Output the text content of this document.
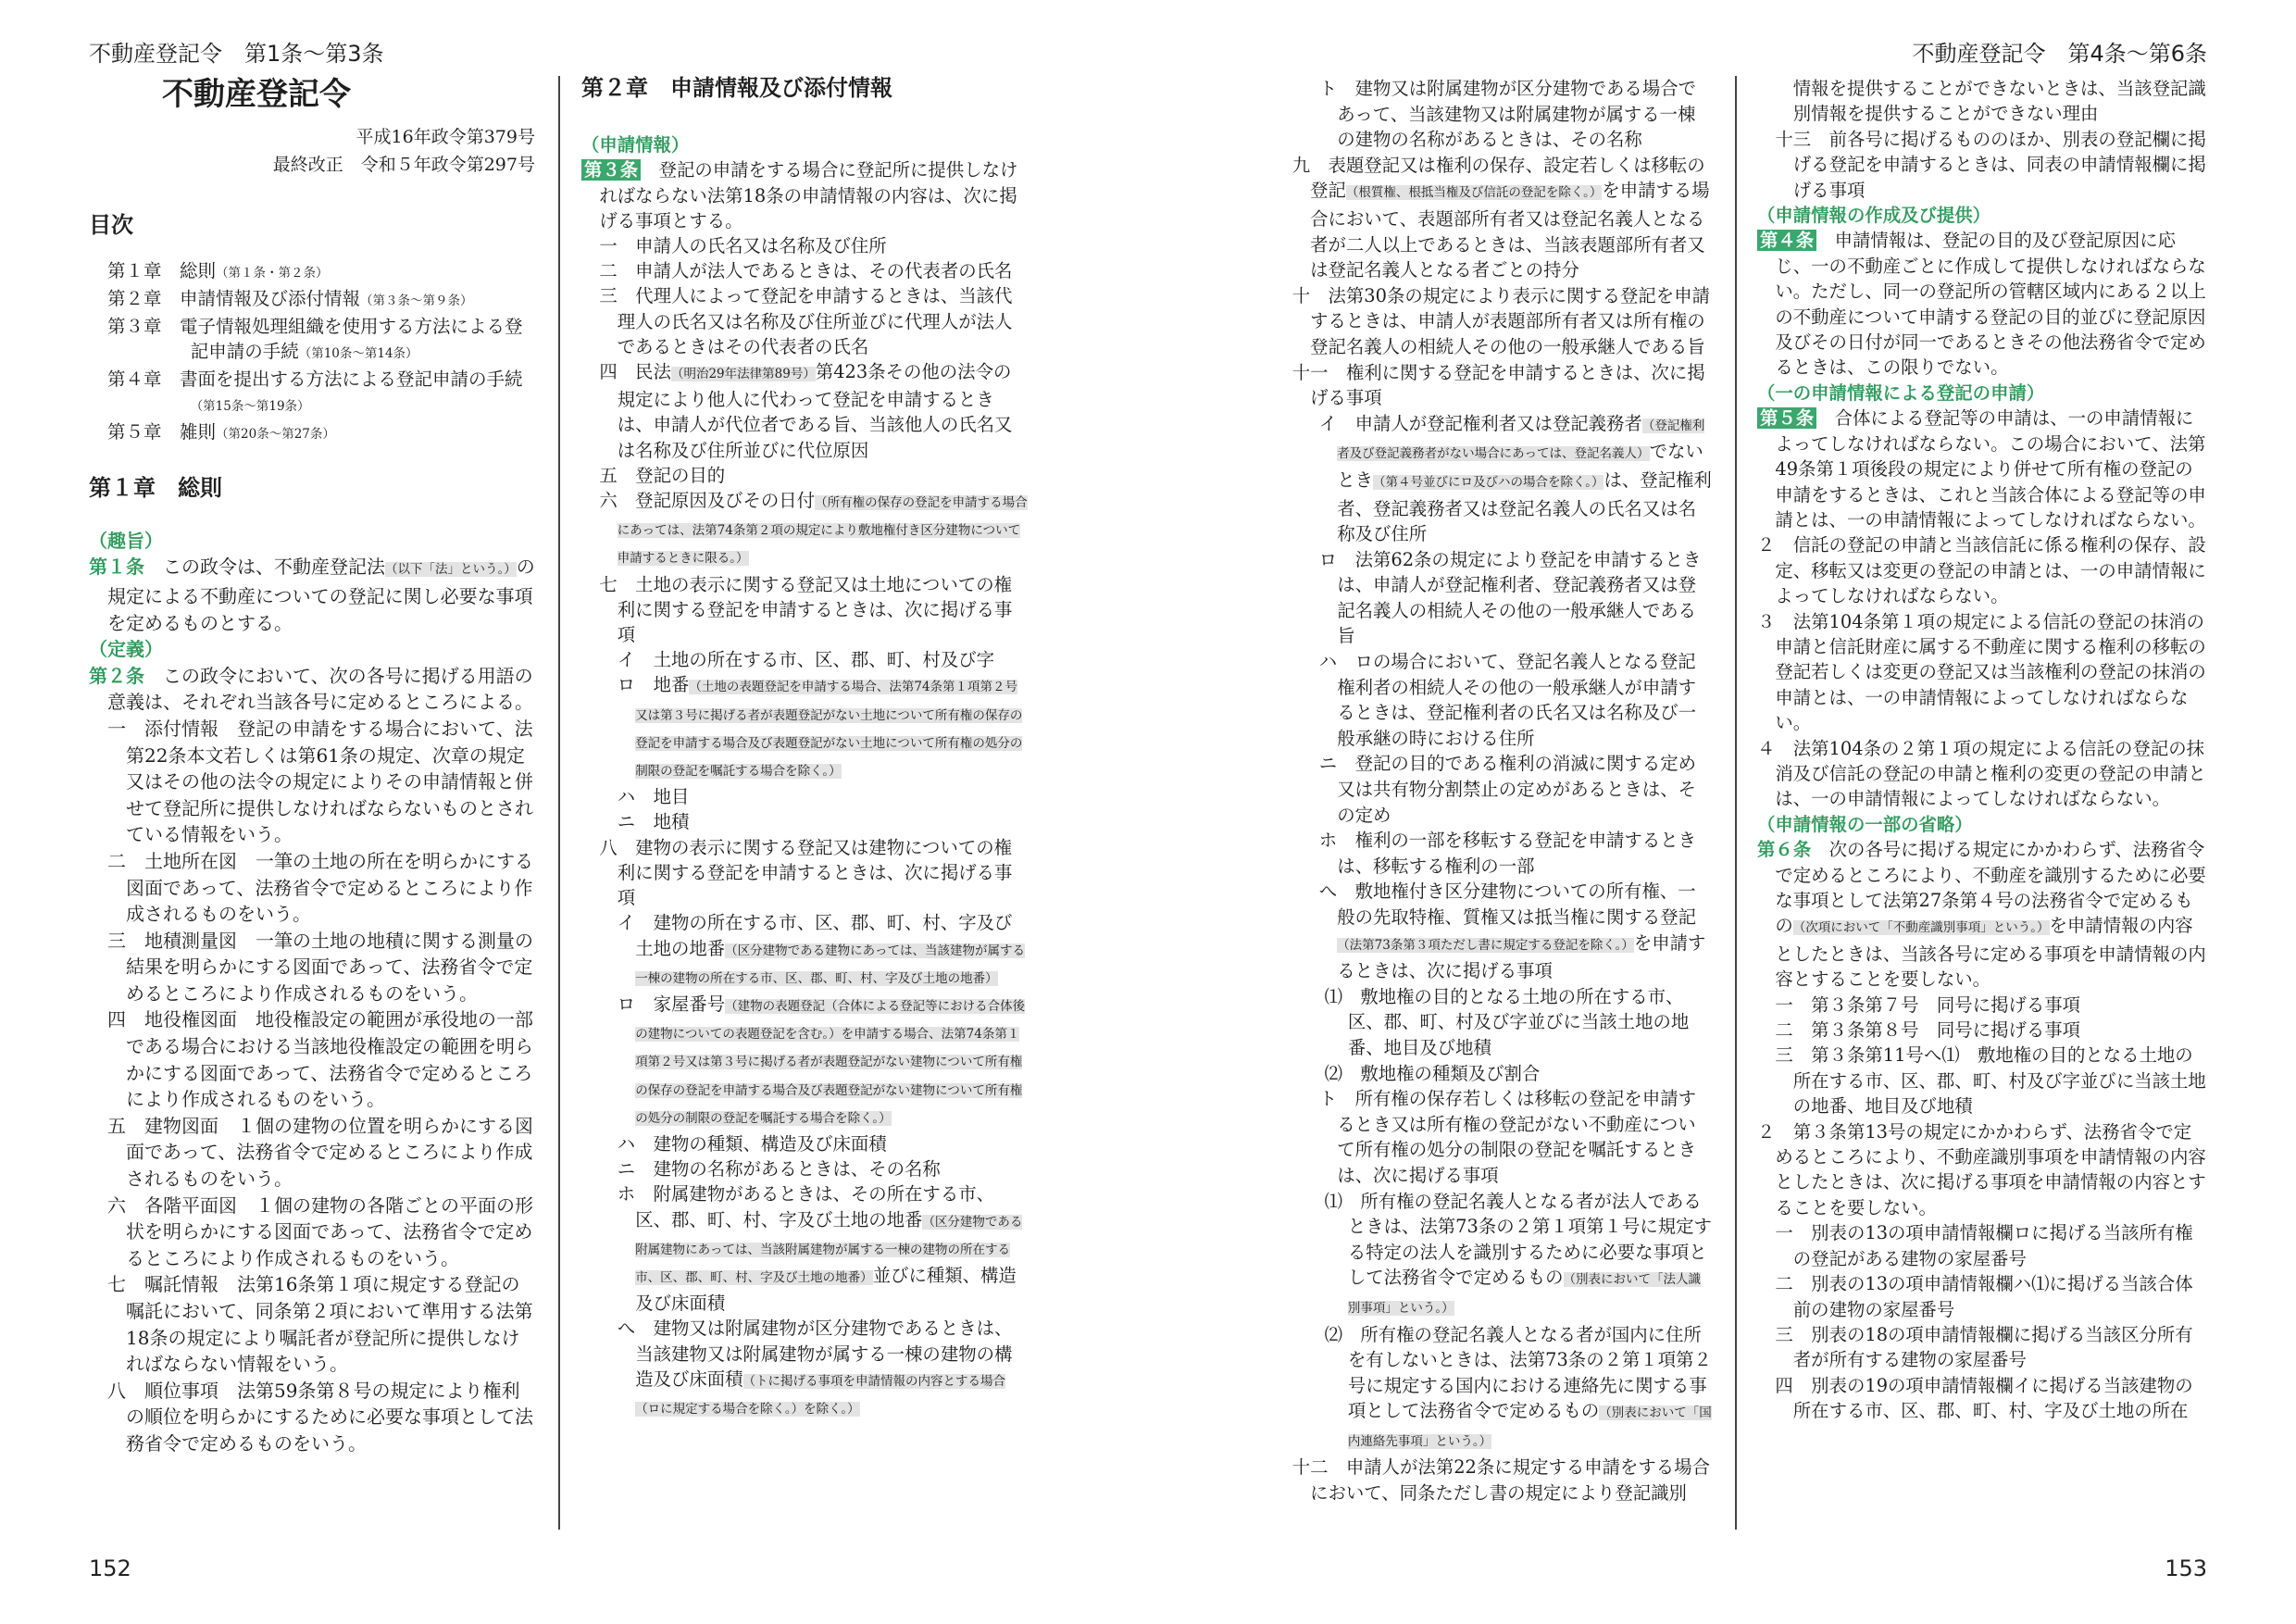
不動産登記令　第1条〜第3条	不動産登記令　第4条〜第6条
不動産登記令
平成16年政令第379号
最終改正　令和５年政令第297号
目次
第１章　総則（第１条・第２条）
第２章　申請情報及び添付情報（第３条〜第９条）
第３章　電子情報処理組織を使用する方法による登記申請の手続（第10条〜第14条）
第４章　書面を提出する方法による登記申請の手続（第15条〜第19条）
第５章　雑則（第20条〜第27条）
第１章　総則
（趣旨）

第１条　 この政令は、不動産登記法（以下「法」という。）の規定による不動産についての登記に関し必要な事項を定めるものとする。

（定義）

第２条　 この政令において、次の各号に掲げる用語の意義は、それぞれ当該各号に定めるところによる。

一　添付情報　登記の申請をする場合において、法第22条本文若しくは第61条の規定、次章の規定又はその他の法令の規定によりその申請情報と併せて登記所に提供しなければならないものとされている情報をいう。

二　土地所在図　一筆の土地の所在を明らかにする図面であって、法務省令で定めるところにより作成されるものをいう。

三　地積測量図　一筆の土地の地積に関する測量の結果を明らかにする図面であって、法務省令で定めるところにより作成されるものをいう。

四　地役権図面　地役権設定の範囲が承役地の一部である場合における当該地役権設定の範囲を明らかにする図面であって、法務省令で定めるところにより作成されるものをいう。

五　建物図面　１個の建物の位置を明らかにする図面であって、法務省令で定めるところにより作成されるものをいう。

六　各階平面図　１個の建物の各階ごとの平面の形状を明らかにする図面であって、法務省令で定めるところにより作成されるものをいう。

七　嘱託情報　法第16条第１項に規定する登記の嘱託において、同条第２項において準用する法第18条の規定により嘱託者が登記所に提供しなければならない情報をいう。

八　順位事項　法第59条第８号の規定により権利の順位を明らかにするために必要な事項として法務省令で定めるものをいう。

第２章　申請情報及び添付情報
（申請情報）

第３条　 登記の申請をする場合に登記所に提供しなければならない法第18条の申請情報の内容は、次に掲げる事項とする。

一　申請人の氏名又は名称及び住所

二　申請人が法人であるときは、その代表者の氏名

三　代理人によって登記を申請するときは、当該代理人の氏名又は名称及び住所並びに代理人が法人であるときはその代表者の氏名

四　民法（明治29年法律第89号）第423条その他の法令の規定により他人に代わって登記を申請するときは、申請人が代位者である旨、当該他人の氏名又は名称及び住所並びに代位原因

五　登記の目的

六　登記原因及びその日付（所有権の保存の登記を申請する場合にあっては、法第74条第２項の規定により敷地権付き区分建物について申請するときに限る。）

七　土地の表示に関する登記又は土地についての権利に関する登記を申請するときは、次に掲げる事項

イ　土地の所在する市、区、郡、町、村及び字

ロ　地番（土地の表題登記を申請する場合、法第74条第１項第２号又は第３号に掲げる者が表題登記がない土地について所有権の保存の登記を申請する場合及び表題登記がない土地について所有権の処分の制限の登記を嘱託する場合を除く。）

ハ　地目

ニ　地積

八　建物の表示に関する登記又は建物についての権利に関する登記を申請するときは、次に掲げる事項

イ　建物の所在する市、区、郡、町、村、字及び土地の地番（区分建物である建物にあっては、当該建物が属する一棟の建物の所在する市、区、郡、町、村、字及び土地の地番）

ロ　家屋番号（建物の表題登記（合体による登記等における合体後の建物についての表題登記を含む。）を申請する場合、法第74条第１項第２号又は第３号に掲げる者が表題登記がない建物について所有権の保存の登記を申請する場合及び表題登記がない建物について所有権の処分の制限の登記を嘱託する場合を除く。）

ハ　建物の種類、構造及び床面積

ニ　建物の名称があるときは、その名称

ホ　附属建物があるときは、その所在する市、区、郡、町、村、字及び土地の地番（区分建物である附属建物にあっては、当該附属建物が属する一棟の建物の所在する市、区、郡、町、村、字及び土地の地番）並びに種類、構造及び床面積

へ　建物又は附属建物が区分建物であるときは、当該建物又は附属建物が属する一棟の建物の構造及び床面積（トに掲げる事項を申請情報の内容とする場合（ロに規定する場合を除く。）を除く。）

ト　建物又は附属建物が区分建物である場合であって、当該建物又は附属建物が属する一棟の建物の名称があるときは、その名称

九　表題登記又は権利の保存、設定若しくは移転の登記（根質権、根抵当権及び信託の登記を除く。）を申請する場合において、表題部所有者又は登記名義人となる者が二人以上であるときは、当該表題部所有者又は登記名義人となる者ごとの持分

十　法第30条の規定により表示に関する登記を申請するときは、申請人が表題部所有者又は所有権の登記名義人の相続人その他の一般承継人である旨

十一　権利に関する登記を申請するときは、次に掲げる事項

イ　申請人が登記権利者又は登記義務者（登記権利者及び登記義務者がない場合にあっては、登記名義人）でないとき（第４号並びにロ及びハの場合を除く。）は、登記権利者、登記義務者又は登記名義人の氏名又は名称及び住所

ロ　法第62条の規定により登記を申請するときは、申請人が登記権利者、登記義務者又は登記名義人の相続人その他の一般承継人である旨

ハ　ロの場合において、登記名義人となる登記権利者の相続人その他の一般承継人が申請するときは、登記権利者の氏名又は名称及び一般承継の時における住所

ニ　登記の目的である権利の消滅に関する定め又は共有物分割禁止の定めがあるときは、その定め

ホ　権利の一部を移転する登記を申請するときは、移転する権利の一部

へ　敷地権付き区分建物についての所有権、一般の先取特権、質権又は抵当権に関する登記（法第73条第３項ただし書に規定する登記を除く。）を申請するときは、次に掲げる事項

⑴　敷地権の目的となる土地の所在する市、区、郡、町、村及び字並びに当該土地の地番、地目及び地積

⑵　敷地権の種類及び割合

ト　所有権の保存若しくは移転の登記を申請するとき又は所有権の登記がない不動産について所有権の処分の制限の登記を嘱託するときは、次に掲げる事項

⑴　所有権の登記名義人となる者が法人であるときは、法第73条の２第１項第１号に規定する特定の法人を識別するために必要な事項として法務省令で定めるもの（別表において「法人識別事項」という。）

⑵　所有権の登記名義人となる者が国内に住所を有しないときは、法第73条の２第１項第２号に規定する国内における連絡先に関する事項として法務省令で定めるもの（別表において「国内連絡先事項」という。）

十二　申請人が法第22条に規定する申請をする場合において、同条ただし書の規定により登記識別

情報を提供することができないときは、当該登記識別情報を提供することができない理由

十三　前各号に掲げるもののほか、別表の登記欄に掲げる登記を申請するときは、同表の申請情報欄に掲げる事項

（申請情報の作成及び提供）

第４条　 申請情報は、登記の目的及び登記原因に応じ、一の不動産ごとに作成して提供しなければならない。ただし、同一の登記所の管轄区域内にある２以上の不動産について申請する登記の目的並びに登記原因及びその日付が同一であるときその他法務省令で定めるときは、この限りでない。

（一の申請情報による登記の申請）

第５条　 合体による登記等の申請は、一の申請情報によってしなければならない。この場合において、法第49条第１項後段の規定により併せて所有権の登記の申請をするときは、これと当該合体による登記等の申請とは、一の申請情報によってしなければならない。

２　信託の登記の申請と当該信託に係る権利の保存、設定、移転又は変更の登記の申請とは、一の申請情報によってしなければならない。

３　法第104条第１項の規定による信託の登記の抹消の申請と信託財産に属する不動産に関する権利の移転の登記若しくは変更の登記又は当該権利の登記の抹消の申請とは、一の申請情報によってしなければならない。

４　法第104条の２第１項の規定による信託の登記の抹消及び信託の登記の申請と権利の変更の登記の申請とは、一の申請情報によってしなければならない。

（申請情報の一部の省略）

第６条　 次の各号に掲げる規定にかかわらず、法務省令で定めるところにより、不動産を識別するために必要な事項として法第27条第４号の法務省令で定めるもの（次項において「不動産識別事項」という。）を申請情報の内容としたときは、当該各号に定める事項を申請情報の内容とすることを要しない。

一　第３条第７号　同号に掲げる事項

二　第３条第８号　同号に掲げる事項

三　第３条第11号へ⑴　敷地権の目的となる土地の所在する市、区、郡、町、村及び字並びに当該土地の地番、地目及び地積

２　第３条第13号の規定にかかわらず、法務省令で定めるところにより、不動産識別事項を申請情報の内容としたときは、次に掲げる事項を申請情報の内容とすることを要しない。

一　別表の13の項申請情報欄ロに掲げる当該所有権の登記がある建物の家屋番号

二　別表の13の項申請情報欄ハ⑴に掲げる当該合体前の建物の家屋番号

三　別表の18の項申請情報欄に掲げる当該区分所有者が所有する建物の家屋番号

四　別表の19の項申請情報欄イに掲げる当該建物の所在する市、区、郡、町、村、字及び土地の所在

152	153
